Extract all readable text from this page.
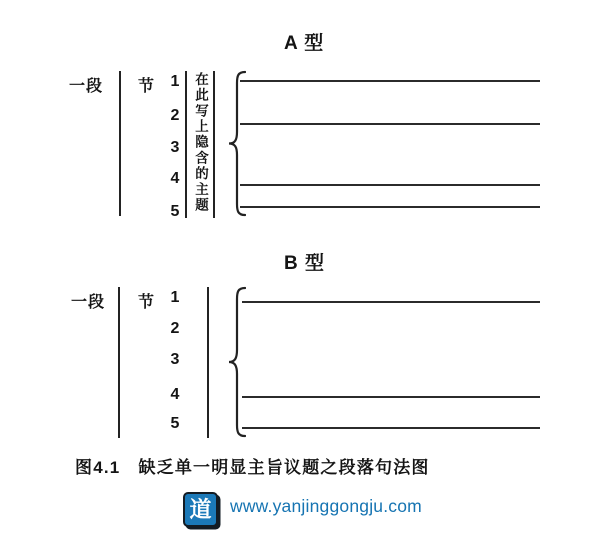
A 型
一段 节 1
2
3
4
5	在此写上隐含的主题
B 型
一段 节 1
2
3
4
5
图4.1 缺乏单一明显主旨议题之段落句法图
道	www.yanjinggongju.com
